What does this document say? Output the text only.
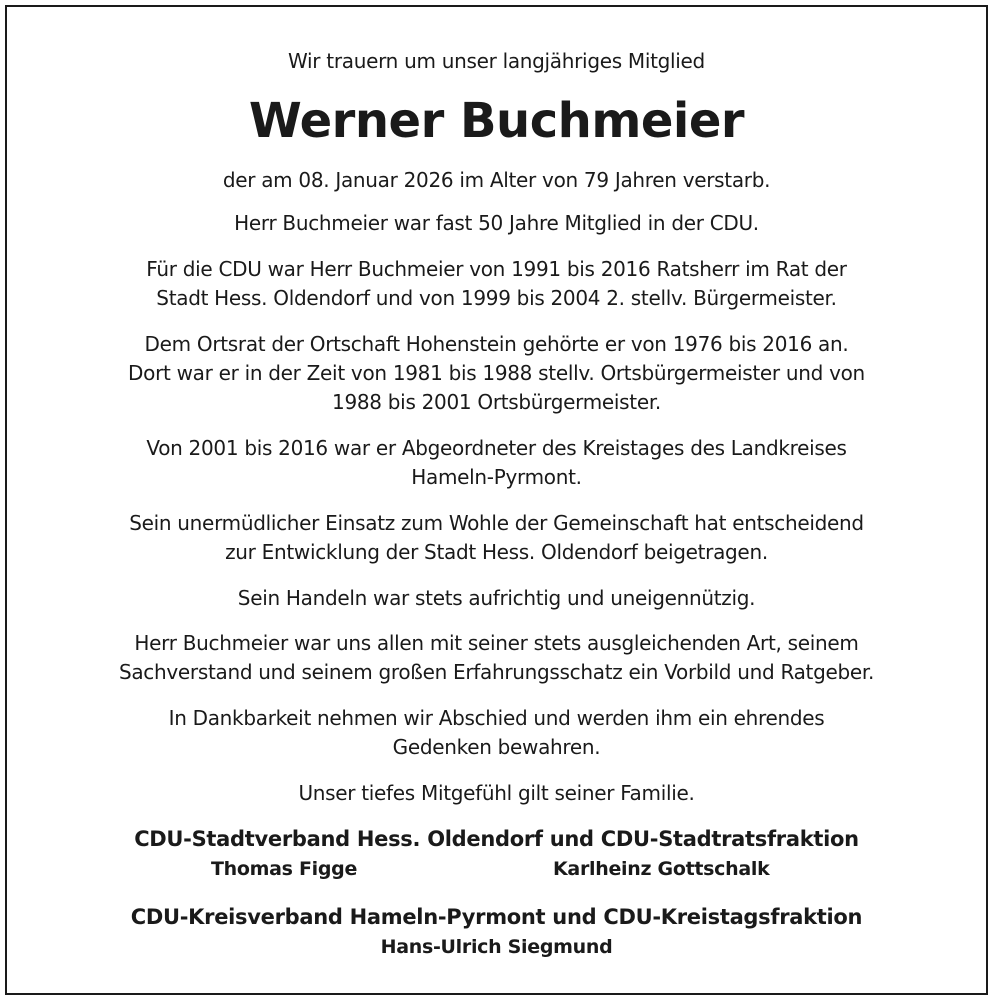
Wir trauern um unser langjähriges Mitglied
Werner Buchmeier
der am 08. Januar 2026 im Alter von 79 Jahren verstarb.
Herr Buchmeier war fast 50 Jahre Mitglied in der CDU.
Für die CDU war Herr Buchmeier von 1991 bis 2016 Ratsherr im Rat der
Stadt Hess. Oldendorf und von 1999 bis 2004 2. stellv. Bürgermeister.
Dem Ortsrat der Ortschaft Hohenstein gehörte er von 1976 bis 2016 an.
Dort war er in der Zeit von 1981 bis 1988 stellv. Ortsbürgermeister und von
1988 bis 2001 Ortsbürgermeister.
Von 2001 bis 2016 war er Abgeordneter des Kreistages des Landkreises
Hameln-Pyrmont.
Sein unermüdlicher Einsatz zum Wohle der Gemeinschaft hat entscheidend
zur Entwicklung der Stadt Hess. Oldendorf beigetragen.
Sein Handeln war stets aufrichtig und uneigennützig.
Herr Buchmeier war uns allen mit seiner stets ausgleichenden Art, seinem
Sachverstand und seinem großen Erfahrungsschatz ein Vorbild und Ratgeber.
In Dankbarkeit nehmen wir Abschied und werden ihm ein ehrendes
Gedenken bewahren.
Unser tiefes Mitgefühl gilt seiner Familie.
CDU-Stadtverband Hess. Oldendorf und CDU-Stadtratsfraktion
Thomas Figge	Karlheinz Gottschalk
CDU-Kreisverband Hameln-Pyrmont und CDU-Kreistagsfraktion
Hans-Ulrich Siegmund
